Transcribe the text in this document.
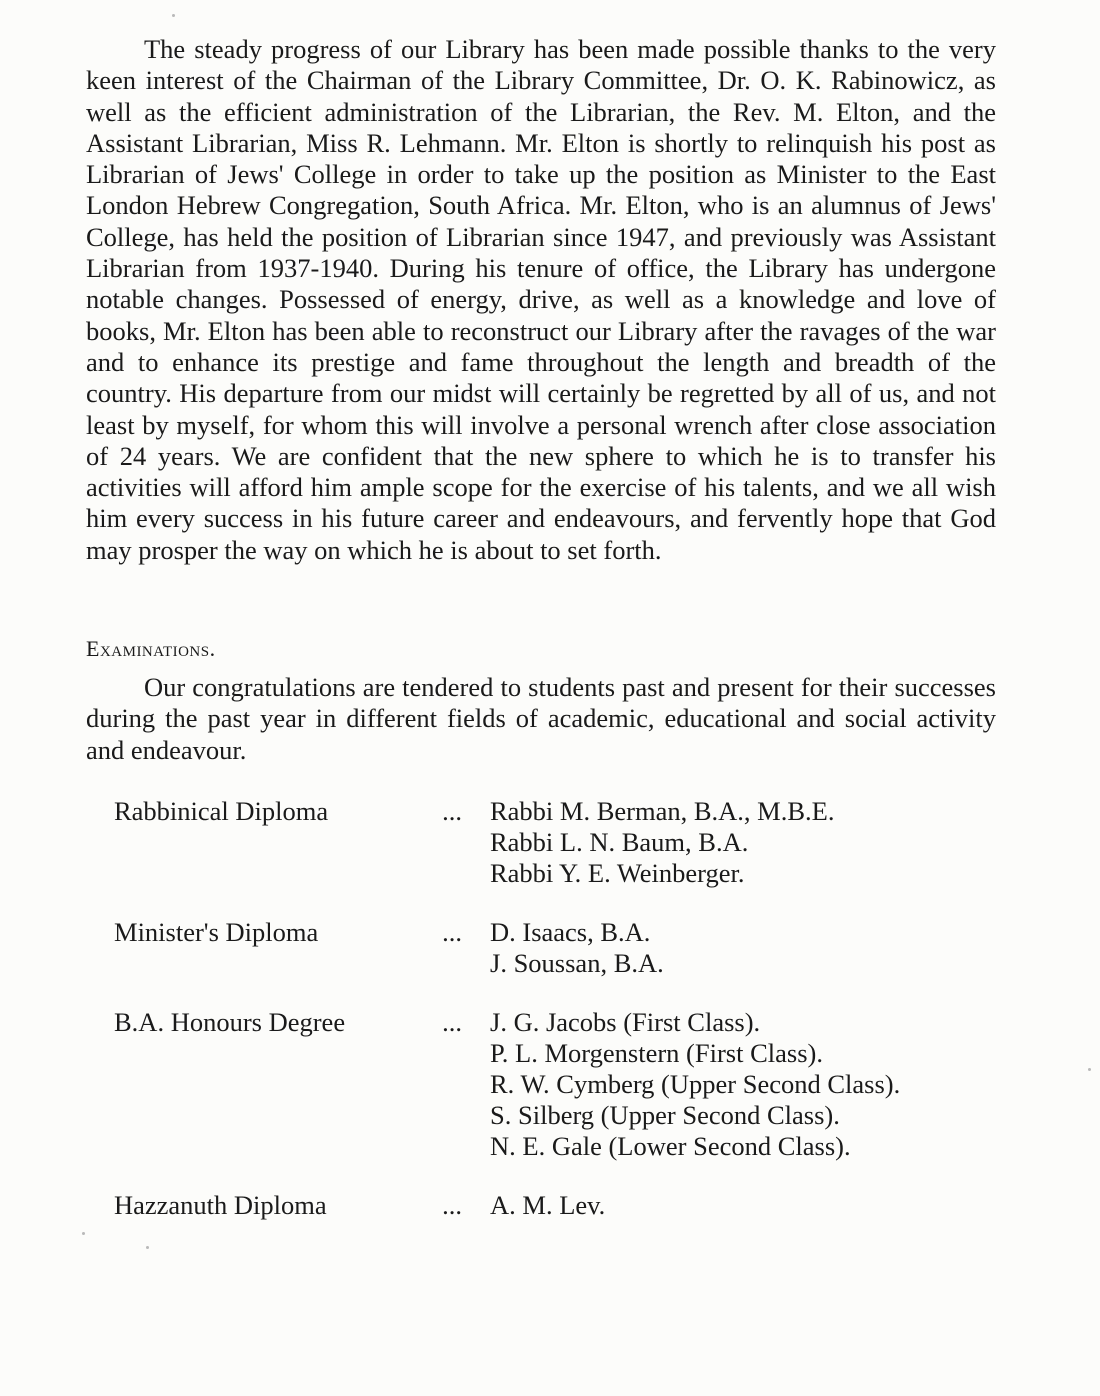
The steady progress of our Library has been made possible thanks to the very keen interest of the Chairman of the Library Committee, Dr. O. K. Rabinowicz, as well as the efficient administration of the Librarian, the Rev. M. Elton, and the Assistant Librarian, Miss R. Lehmann. Mr. Elton is shortly to relinquish his post as Librarian of Jews' College in order to take up the position as Minister to the East London Hebrew Congregation, South Africa. Mr. Elton, who is an alumnus of Jews' College, has held the position of Librarian since 1947, and previously was Assistant Librarian from 1937-1940. During his tenure of office, the Library has undergone notable changes. Possessed of energy, drive, as well as a knowledge and love of books, Mr. Elton has been able to reconstruct our Library after the ravages of the war and to enhance its prestige and fame throughout the length and breadth of the country. His departure from our midst will certainly be regretted by all of us, and not least by myself, for whom this will involve a personal wrench after close association of 24 years. We are confident that the new sphere to which he is to transfer his activities will afford him ample scope for the exercise of his talents, and we all wish him every success in his future career and endeavours, and fervently hope that God may prosper the way on which he is about to set forth.

Examinations.

Our congratulations are tendered to students past and present for their successes during the past year in different fields of academic, educational and social activity and endeavour.

Rabbinical Diploma	...	Rabbi M. Berman, B.A., M.B.E.
Rabbi L. N. Baum, B.A.
Rabbi Y. E. Weinberger.
Minister's Diploma	...	D. Isaacs, B.A.
J. Soussan, B.A.
B.A. Honours Degree	...	J. G. Jacobs (First Class).
P. L. Morgenstern (First Class).
R. W. Cymberg (Upper Second Class).
S. Silberg (Upper Second Class).
N. E. Gale (Lower Second Class).
Hazzanuth Diploma	...	A. M. Lev.
